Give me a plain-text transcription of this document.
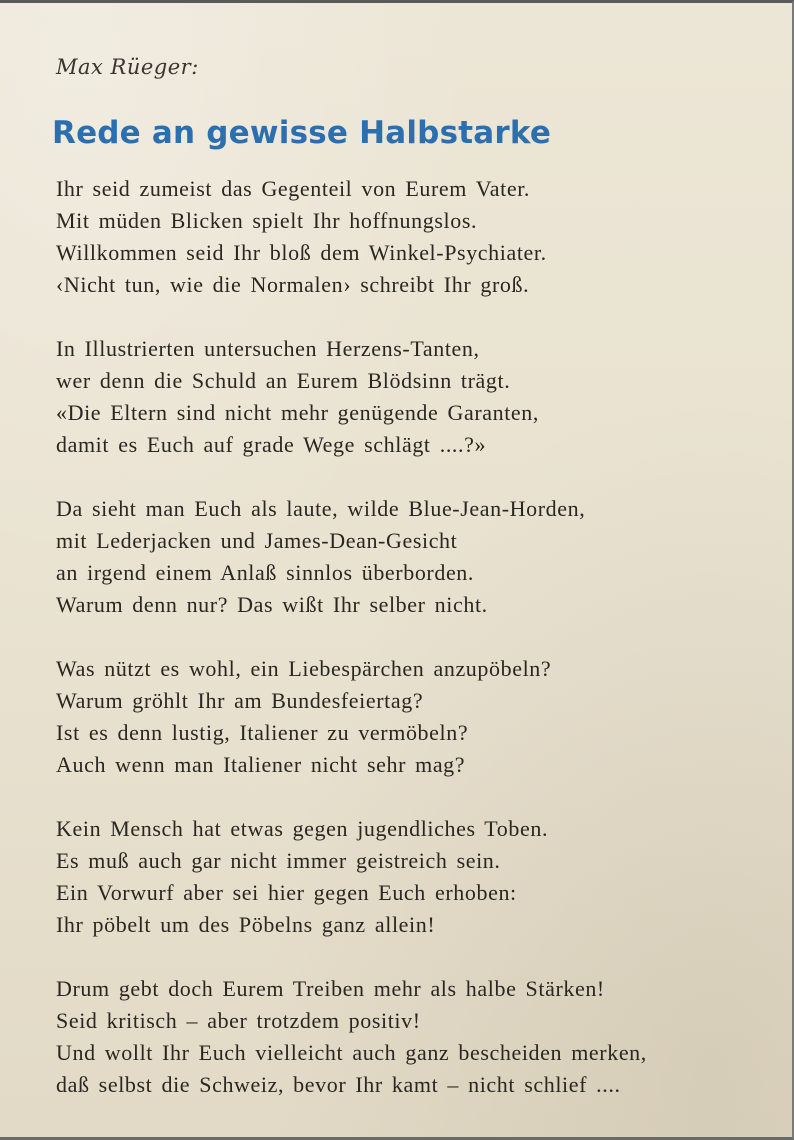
Max Rüeger:

Rede an gewisse Halbstarke
Ihr seid zumeist das Gegenteil von Eurem Vater.
Mit müden Blicken spielt Ihr hoffnungslos.
Willkommen seid Ihr bloß dem Winkel-Psychiater.
‹Nicht tun, wie die Normalen› schreibt Ihr groß.
In Illustrierten untersuchen Herzens-Tanten,
wer denn die Schuld an Eurem Blödsinn trägt.
«Die Eltern sind nicht mehr genügende Garanten,
damit es Euch auf grade Wege schlägt ....?»
Da sieht man Euch als laute, wilde Blue-Jean-Horden,
mit Lederjacken und James-Dean-Gesicht
an irgend einem Anlaß sinnlos überborden.
Warum denn nur? Das wißt Ihr selber nicht.
Was nützt es wohl, ein Liebespärchen anzupöbeln?
Warum gröhlt Ihr am Bundesfeiertag?
Ist es denn lustig, Italiener zu vermöbeln?
Auch wenn man Italiener nicht sehr mag?
Kein Mensch hat etwas gegen jugendliches Toben.
Es muß auch gar nicht immer geistreich sein.
Ein Vorwurf aber sei hier gegen Euch erhoben:
Ihr pöbelt um des Pöbelns ganz allein!
Drum gebt doch Eurem Treiben mehr als halbe Stärken!
Seid kritisch – aber trotzdem positiv!
Und wollt Ihr Euch vielleicht auch ganz bescheiden merken,
daß selbst die Schweiz, bevor Ihr kamt – nicht schlief ....
